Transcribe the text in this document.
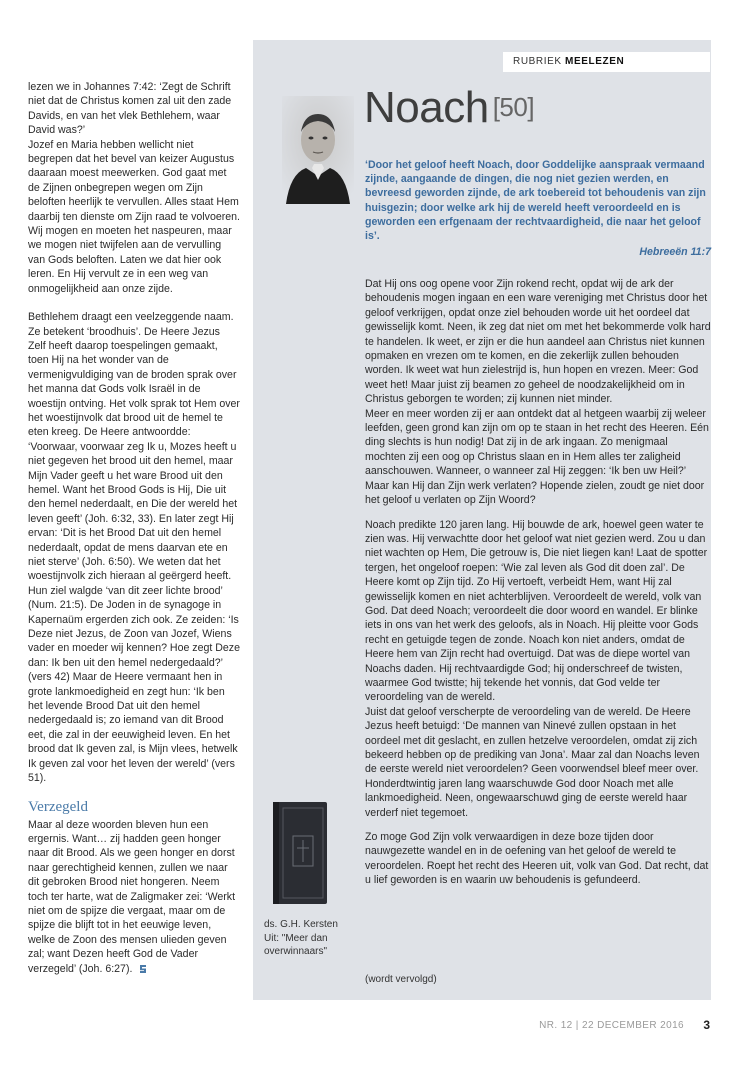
lezen we in Johannes 7:42: ‘Zegt de Schrift niet dat de Christus komen zal uit den zade Davids, en van het vlek Bethlehem, waar David was?’

Jozef en Maria hebben wellicht niet begrepen dat het bevel van keizer Augustus daaraan moest meewerken. God gaat met de Zijnen onbegrepen wegen om Zijn beloften heerlijk te vervullen. Alles staat Hem daarbij ten dienste om Zijn raad te volvoeren. Wij mogen en moeten het naspeuren, maar we mogen niet twijfelen aan de vervulling van Gods beloften. Laten we dat hier ook leren. En Hij vervult ze in een weg van onmogelijkheid aan onze zijde.

Bethlehem draagt een veelzeggende naam. Ze betekent ‘broodhuis’. De Heere Jezus Zelf heeft daarop toespelingen gemaakt, toen Hij na het wonder van de vermenigvuldiging van de broden sprak over het manna dat Gods volk Israël in de woestijn ontving. Het volk sprak tot Hem over het woestijnvolk dat brood uit de hemel te eten kreeg. De Heere antwoordde: ‘Voorwaar, voorwaar zeg Ik u, Mozes heeft u niet gegeven het brood uit den hemel, maar Mijn Vader geeft u het ware Brood uit den hemel. Want het Brood Gods is Hij, Die uit den hemel nederdaalt, en Die der wereld het leven geeft’ (Joh. 6:32, 33). En later zegt Hij ervan: ‘Dit is het Brood Dat uit den hemel nederdaalt, opdat de mens daarvan ete en niet sterve’ (Joh. 6:50). We weten dat het woestijnvolk zich hieraan al geërgerd heeft. Hun ziel walgde ‘van dit zeer lichte brood’ (Num. 21:5). De Joden in de synagoge in Kapernaüm ergerden zich ook. Ze zeiden: ‘Is Deze niet Jezus, de Zoon van Jozef, Wiens vader en moeder wij kennen? Hoe zegt Deze dan: Ik ben uit den hemel nedergedaald?’ (vers 42) Maar de Heere vermaant hen in grote lankmoedigheid en zegt hun: ‘Ik ben het levende Brood Dat uit den hemel nedergedaald is; zo iemand van dit Brood eet, die zal in der eeuwigheid leven. En het brood dat Ik geven zal, is Mijn vlees, hetwelk Ik geven zal voor het leven der wereld’ (vers 51).

Verzegeld

Maar al deze woorden bleven hun een ergernis. Want… zij hadden geen honger naar dit Brood. Als we geen honger en dorst naar gerechtigheid kennen, zullen we naar dit gebroken Brood niet hongeren. Neem toch ter harte, wat de Zaligmaker zei: ‘Werkt niet om de spijze die vergaat, maar om de spijze die blijft tot in het eeuwige leven, welke de Zoon des mensen ulieden geven zal; want Dezen heeft God de Vader verzegeld’ (Joh. 6:27).

RUBRIEK MEELEZEN
Noach [50]

‘Door het geloof heeft Noach, door Goddelijke aanspraak vermaand zijnde, aangaande de dingen, die nog niet gezien werden, en bevreesd geworden zijnde, de ark toebereid tot behoudenis van zijn huisgezin; door welke ark hij de wereld heeft veroordeeld en is geworden een erfgenaam der rechtvaardigheid, die naar het geloof is’.

Hebreeën 11:7

Dat Hij ons oog opene voor Zijn rokend recht, opdat wij de ark der behoudenis mogen ingaan en een ware vereniging met Christus door het geloof verkrijgen, opdat onze ziel behouden worde uit het oordeel dat gewisselijk komt. Neen, ik zeg dat niet om met het bekommerde volk hard te handelen. Ik weet, er zijn er die hun aandeel aan Christus niet kunnen opmaken en vrezen om te komen, en die zekerlijk zullen behouden worden. Ik weet wat hun zielestrijd is, hun hopen en vrezen. Meer: God weet het! Maar juist zij beamen zo geheel de noodzakelijkheid om in Christus geborgen te worden; zij kunnen niet minder.

Meer en meer worden zij er aan ontdekt dat al hetgeen waarbij zij weleer leefden, geen grond kan zijn om op te staan in het recht des Heeren. Eén ding slechts is hun nodig! Dat zij in de ark ingaan. Zo menigmaal mochten zij een oog op Christus slaan en in Hem alles ter zaligheid aanschouwen. Wanneer, o wanneer zal Hij zeggen: ‘Ik ben uw Heil?’ Maar kan Hij dan Zijn werk verlaten? Hopende zielen, zoudt ge niet door het geloof u verlaten op Zijn Woord?

Noach predikte 120 jaren lang. Hij bouwde de ark, hoewel geen water te zien was. Hij verwachtte door het geloof wat niet gezien werd. Zou u dan niet wachten op Hem, Die getrouw is, Die niet liegen kan! Laat de spotter tergen, het ongeloof roepen: ‘Wie zal leven als God dit doen zal’. De Heere komt op Zijn tijd. Zo Hij vertoeft, verbeidt Hem, want Hij zal gewisselijk komen en niet achterblijven. Veroordeelt de wereld, volk van God. Dat deed Noach; veroordeelt die door woord en wandel. Er blinke iets in ons van het werk des geloofs, als in Noach. Hij pleitte voor Gods recht en getuigde tegen de zonde. Noach kon niet anders, omdat de Heere hem van Zijn recht had overtuigd. Dat was de diepe wortel van Noachs daden. Hij rechtvaardigde God; hij onderschreef de twisten, waarmee God twistte; hij tekende het vonnis, dat God velde ter veroordeling van de wereld.

Juist dat geloof verscherpte de veroordeling van de wereld. De Heere Jezus heeft betuigd: ‘De mannen van Ninevé zullen opstaan in het oordeel met dit geslacht, en zullen hetzelve veroordelen, omdat zij zich bekeerd hebben op de prediking van Jona’. Maar zal dan Noachs leven de eerste wereld niet veroordelen? Geen voorwendsel bleef meer over. Honderdtwintig jaren lang waarschuwde God door Noach met alle lankmoedigheid. Neen, ongewaarschuwd ging de eerste wereld haar verderf niet tegemoet.

Zo moge God Zijn volk verwaardigen in deze boze tijden door nauwgezette wandel en in de oefening van het geloof de wereld te veroordelen. Roept het recht des Heeren uit, volk van God. Dat recht, dat u lief geworden is en waarin uw behoudenis is gefundeerd.

ds. G.H. Kersten
Uit: "Meer dan overwinnaars"
(wordt vervolgd)
NR. 12 | 22 DECEMBER 2016 3
